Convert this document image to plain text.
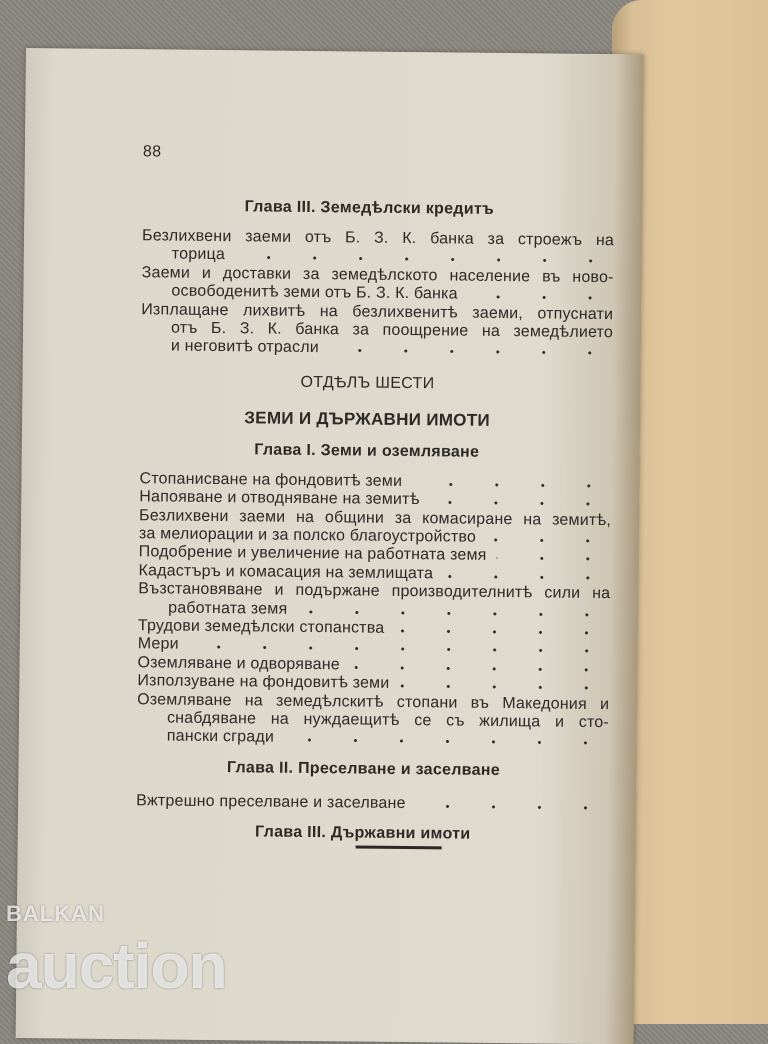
88
Глава III. Земедѣлски кредитъ
Безлихвени заеми отъ Б. З. К. банка за строежъ на
торица
Заеми и доставки за земедѣлското население въ ново-
освободенитѣ земи отъ Б. З. К. банка
Изплащане лихвитѣ на безлихвенитѣ заеми, отпуснати
отъ Б. З. К. банка за поощрение на земедѣлието
и неговитѣ отрасли
ОТДѢЛЪ ШЕСТИ
ЗЕМИ И ДЪРЖАВНИ ИМОТИ
Глава I. Земи и оземляване
Стопанисване на фондовитѣ земи
Напояване и отводняване на земитѣ
Безлихвени заеми на общини за комасиране на земитѣ,
за мелиорации и за полско благоустройство
Подобрение и увеличение на работната земя
Кадастъръ и комасация на землищата
Възстановяване и подържане производителнитѣ сили на
работната земя
Трудови земедѣлски стопанства
Мери
Оземляване и одворяване
Използуване на фондовитѣ земи
Оземляване на земедѣлскитѣ стопани въ Македония и
снабдяване на нуждаещитѣ се съ жилища и сто-
пански сгради
Глава II. Преселване и заселване
Вжтрешно преселване и заселване
Глава III. Държавни имоти
BALKAN
auction
